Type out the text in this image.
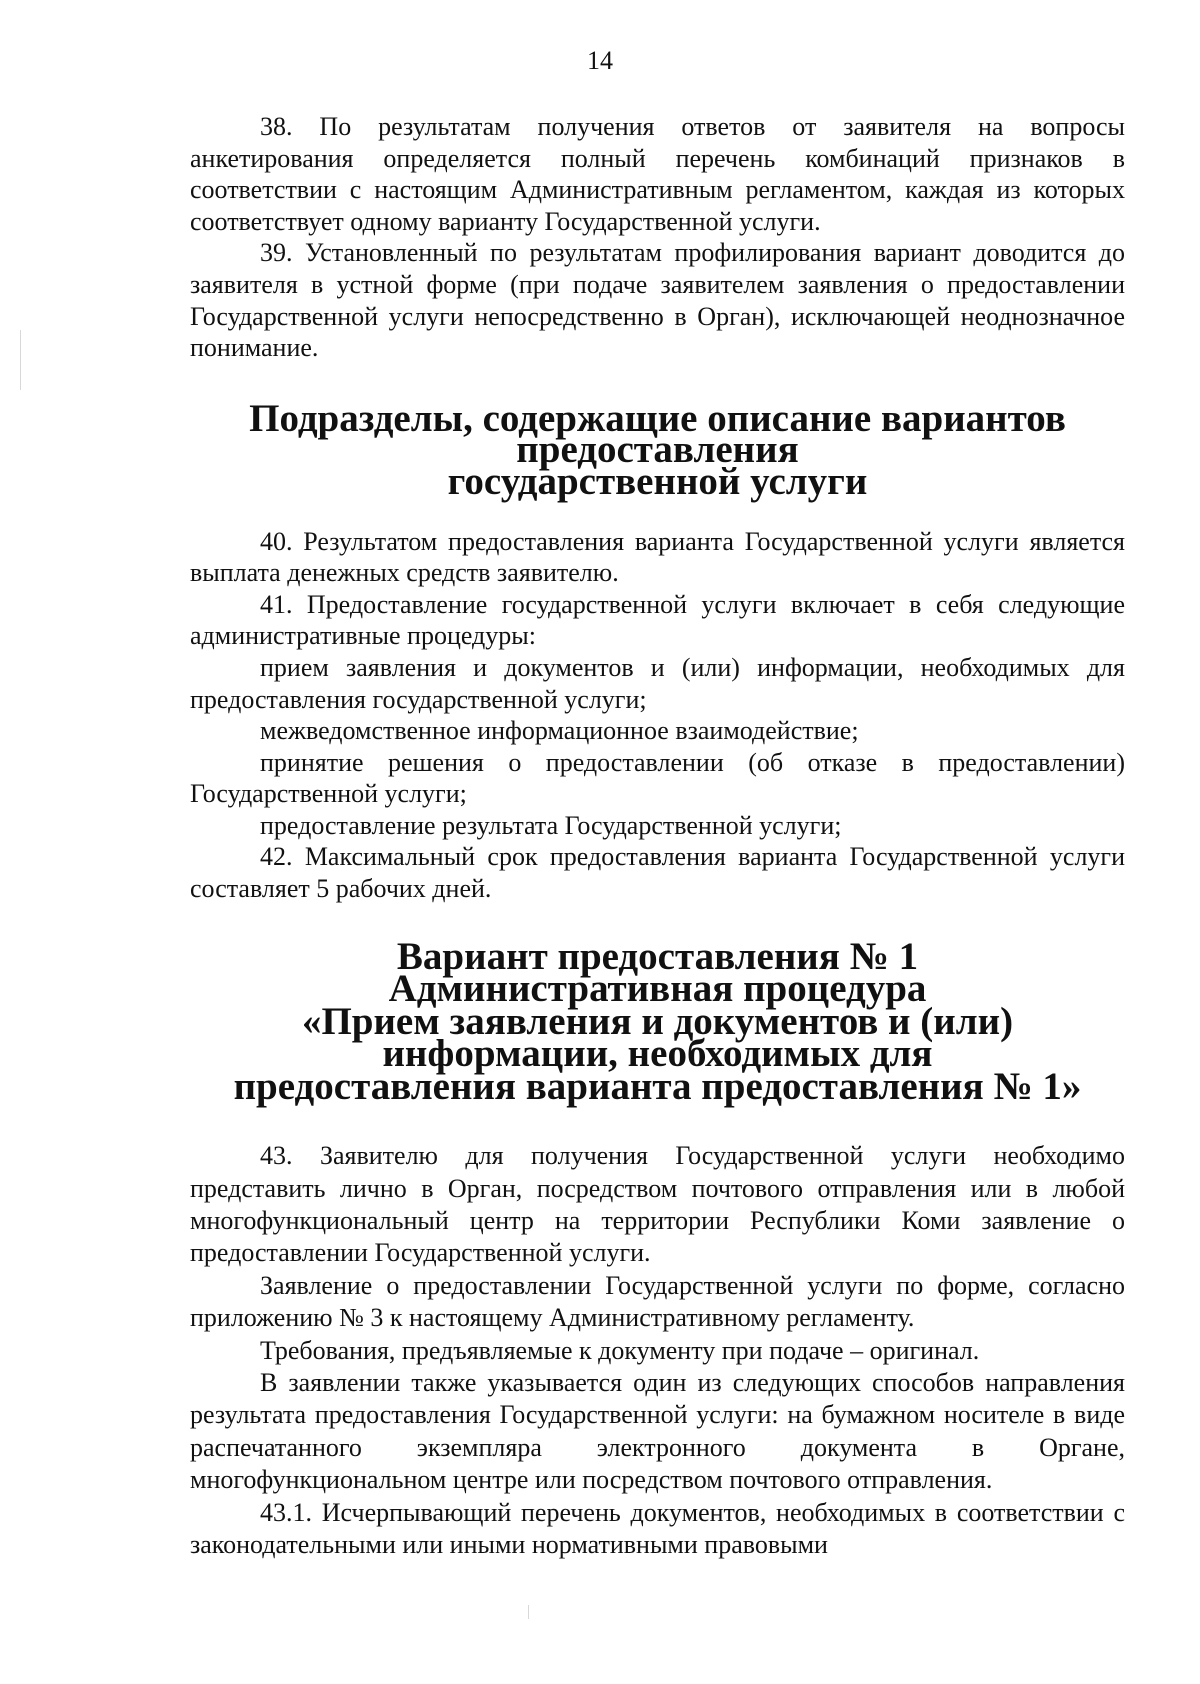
14

38. По результатам получения ответов от заявителя на вопросы анкетирования определяется полный перечень комбинаций признаков в соответствии с настоящим Административным регламентом, каждая из которых соответствует одному варианту Государственной услуги.

39. Установленный по результатам профилирования вариант доводится до заявителя в устной форме (при подаче заявителем заявления о предоставлении Государственной услуги непосредственно в Орган), исключающей неоднозначное понимание.

Подразделы, содержащие описание вариантов предоставления
государственной услуги

40. Результатом предоставления варианта Государственной услуги является выплата денежных средств заявителю.

41. Предоставление государственной услуги включает в себя следующие административные процедуры:

прием заявления и документов и (или) информации, необходимых для предоставления государственной услуги;

межведомственное информационное взаимодействие;

принятие решения о предоставлении (об отказе в предоставлении) Государственной услуги;

предоставление результата Государственной услуги;

42. Максимальный срок предоставления варианта Государственной услуги составляет 5 рабочих дней.

Вариант предоставления № 1
Административная процедура
«Прием заявления и документов и (или) информации, необходимых для
предоставления варианта предоставления № 1»

43. Заявителю для получения Государственной услуги необходимо представить лично в Орган, посредством почтового отправления или в любой многофункциональный центр на территории Республики Коми заявление о предоставлении Государственной услуги.

Заявление о предоставлении Государственной услуги по форме, согласно приложению № 3 к настоящему Административному регламенту.

Требования, предъявляемые к документу при подаче – оригинал.

В заявлении также указывается один из следующих способов направления результата предоставления Государственной услуги: на бумажном носителе в виде распечатанного экземпляра электронного документа в Органе, многофункциональном центре или посредством почтового отправления.

43.1. Исчерпывающий перечень документов, необходимых в соответствии с законодательными или иными нормативными правовыми
